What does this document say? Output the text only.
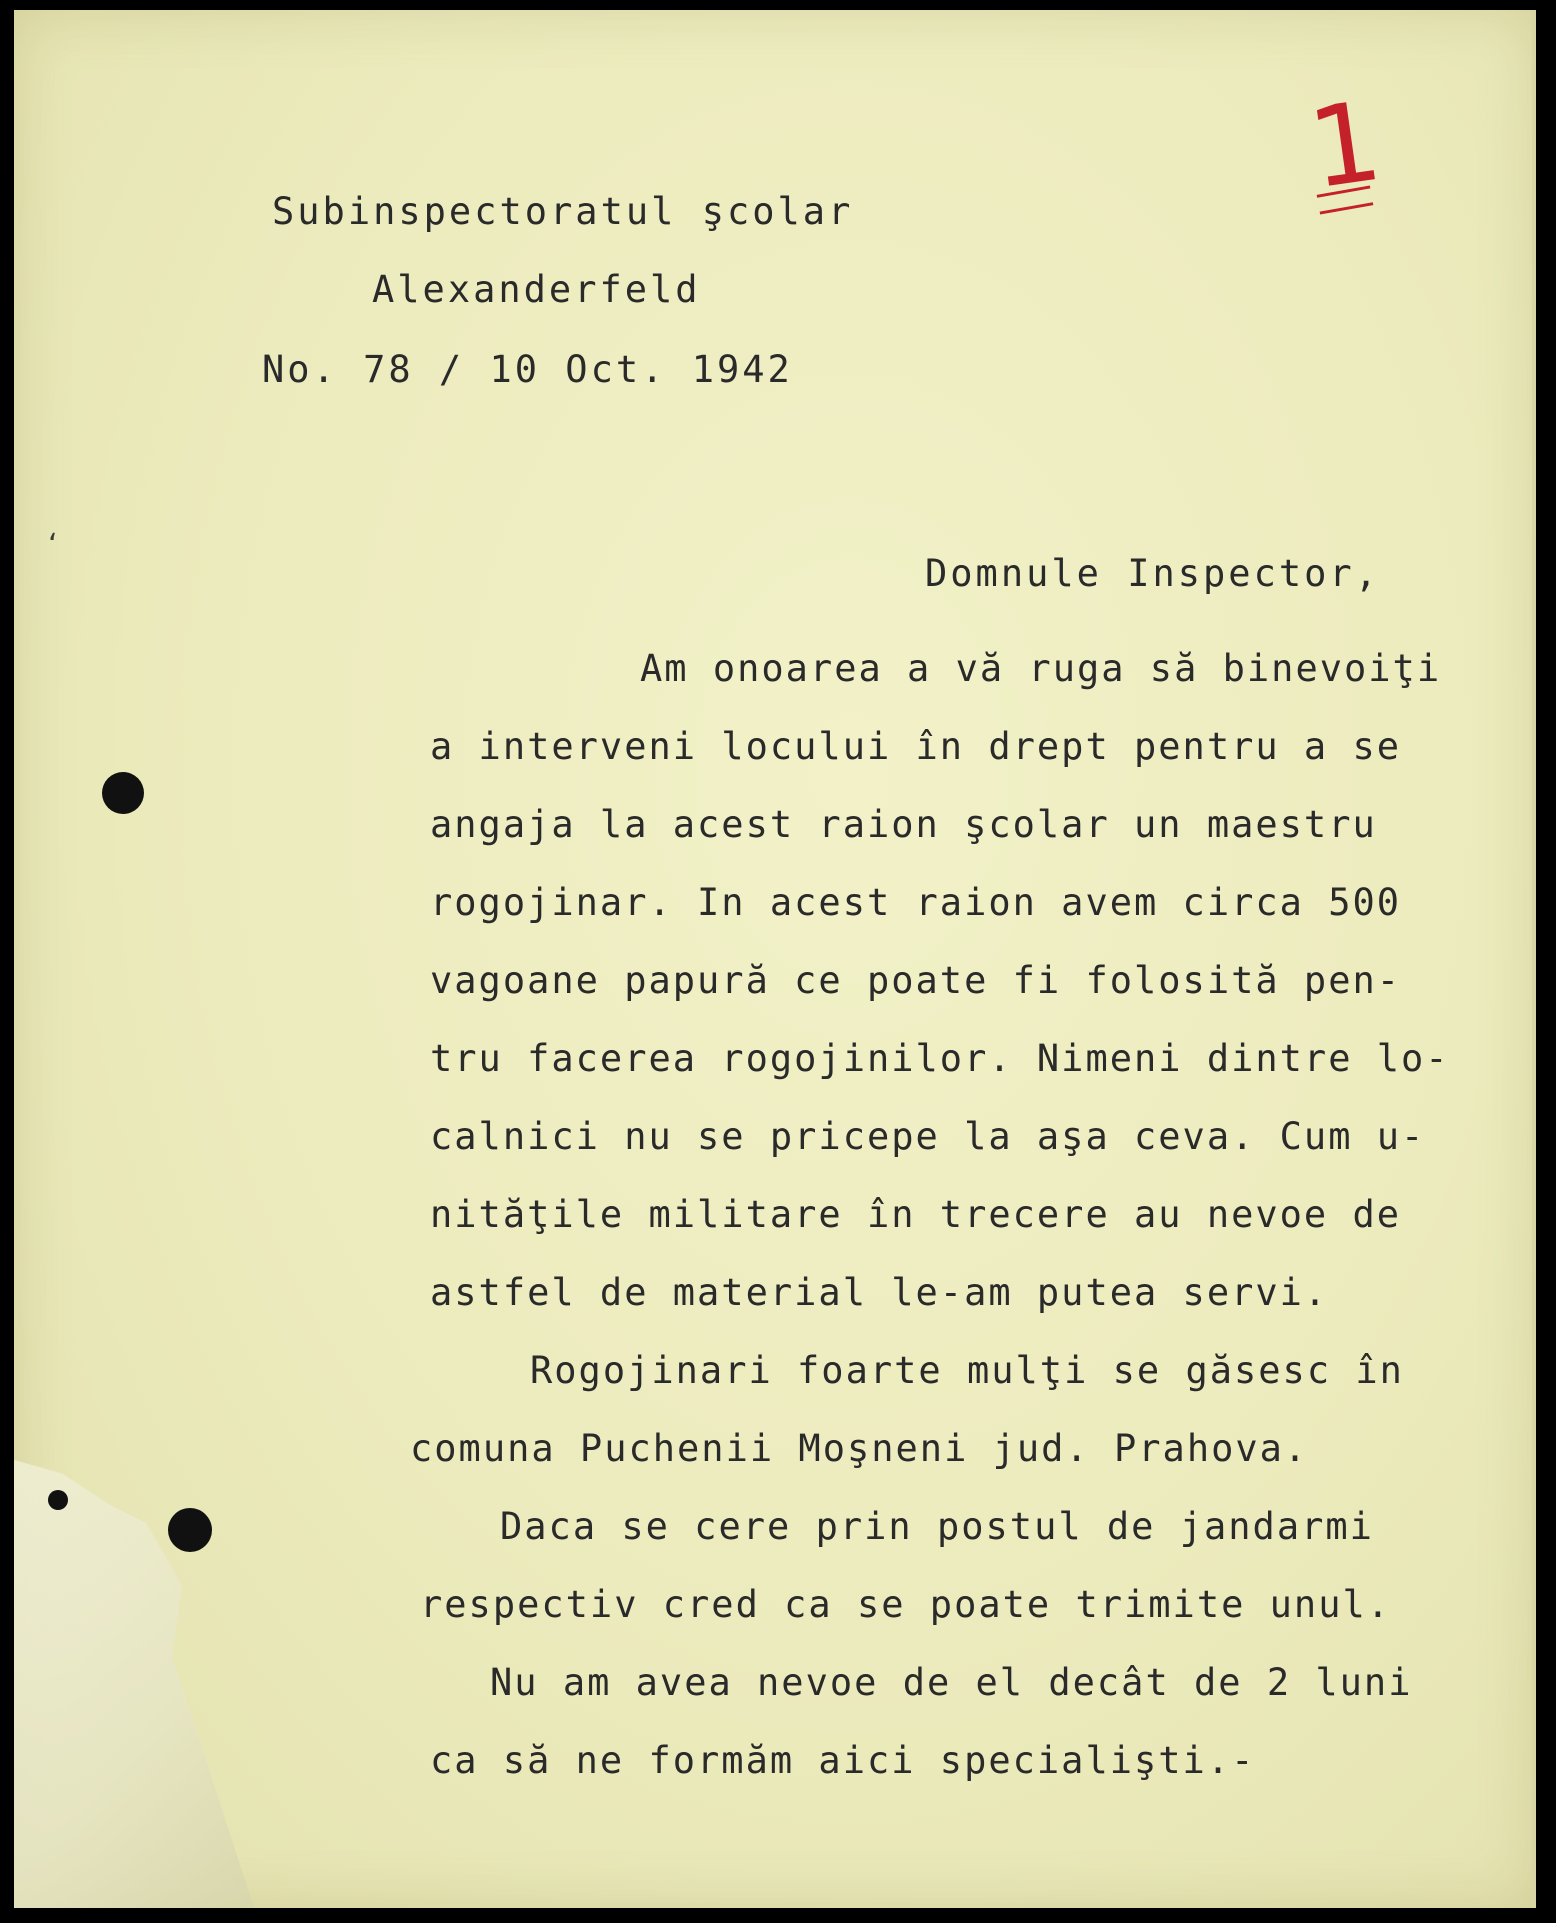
ʻ
1
Subinspectoratul şcolar
Alexanderfeld
No. 78 / 10 Oct. 1942
Domnule Inspector,
Am onoarea a vă ruga să binevoiţi
a interveni locului în drept pentru a se
angaja la acest raion şcolar un maestru
rogojinar. In acest raion avem circa 500
vagoane papură ce poate fi folosită pen-
tru facerea rogojinilor. Nimeni dintre lo-
calnici nu se pricepe la aşa ceva. Cum u-
nităţile militare în trecere au nevoe de
astfel de material le-am putea servi.
Rogojinari foarte mulţi se găsesc în
comuna Puchenii Moşneni jud. Prahova.
Daca se cere prin postul de jandarmi
respectiv cred ca se poate trimite unul.
Nu am avea nevoe de el decât de 2 luni
ca să ne formăm aici specialişti.-
